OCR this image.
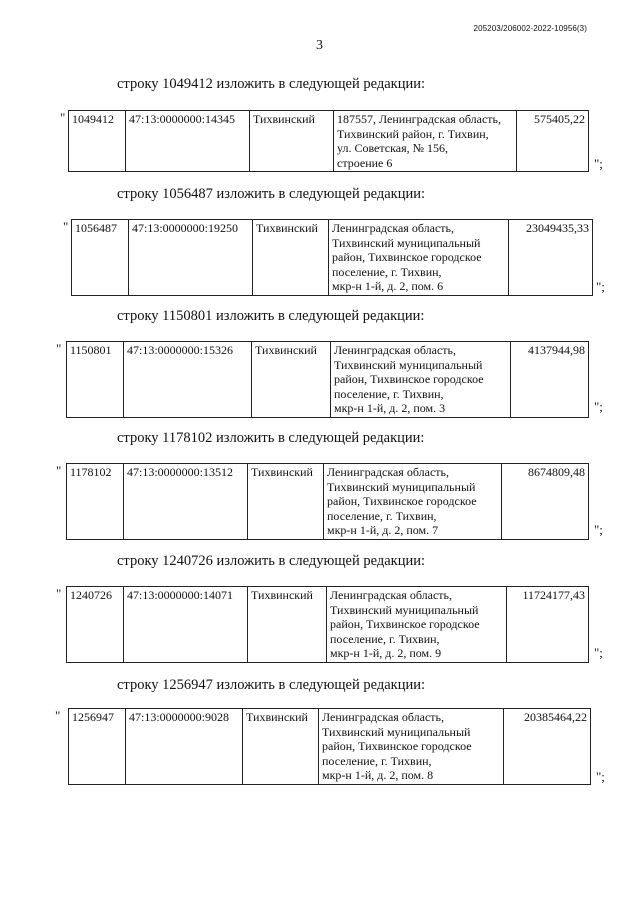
205203/206002-2022-10956(3)
3
строку 1049412 изложить в следующей редакции:
" 1049412	47:13:0000000:14345	Тихвинский	187557, Ленинградская область,
Тихвинский район, г. Тихвин,
ул. Советская, № 156,
строение 6
	575405,22
";
строку 1056487 изложить в следующей редакции:
" 1056487	47:13:0000000:19250	Тихвинский	Ленинградская область,
Тихвинский муниципальный
район, Тихвинское городское
поселение, г. Тихвин,
мкр-н 1-й, д. 2, пом. 6
	23049435,33
";
строку 1150801 изложить в следующей редакции:
" 1150801	47:13:0000000:15326	Тихвинский	Ленинградская область,
Тихвинский муниципальный
район, Тихвинское городское
поселение, г. Тихвин,
мкр-н 1-й, д. 2, пом. 3
	4137944,98
";
строку 1178102 изложить в следующей редакции:
" 1178102	47:13:0000000:13512	Тихвинский	Ленинградская область,
Тихвинский муниципальный
район, Тихвинское городское
поселение, г. Тихвин,
мкр-н 1-й, д. 2, пом. 7
	8674809,48
";
строку 1240726 изложить в следующей редакции:
" 1240726	47:13:0000000:14071	Тихвинский	Ленинградская область,
Тихвинский муниципальный
район, Тихвинское городское
поселение, г. Тихвин,
мкр-н 1-й, д. 2, пом. 9
	11724177,43
";
строку 1256947 изложить в следующей редакции:
" 1256947	47:13:0000000:9028	Тихвинский	Ленинградская область,
Тихвинский муниципальный
район, Тихвинское городское
поселение, г. Тихвин,
мкр-н 1-й, д. 2, пом. 8
	20385464,22
";
